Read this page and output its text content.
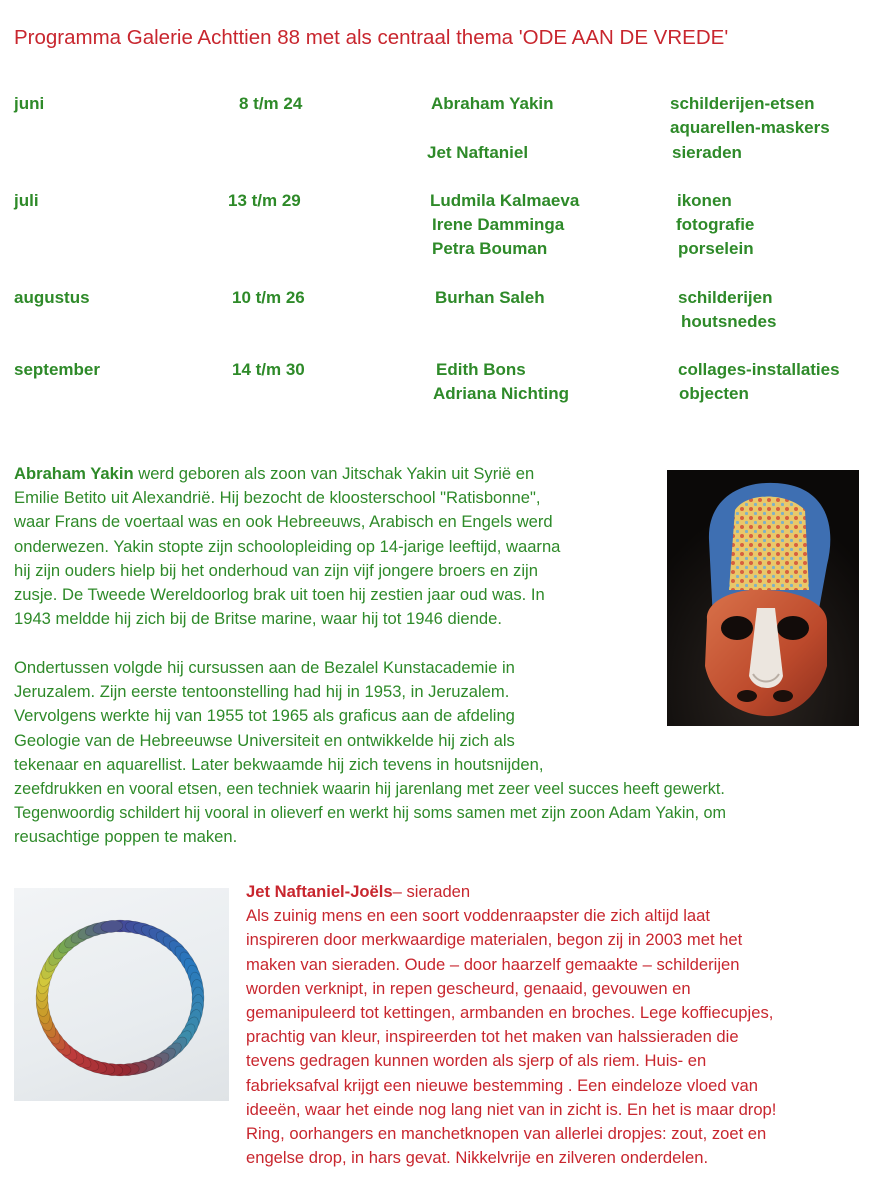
Programma Galerie Achttien 88 met als centraal thema 'ODE AAN DE VREDE'
juni	8 t/m 24	Abraham Yakin	schilderijen-etsen
aquarellen-maskers
Jet Naftaniel	sieraden
juli	13 t/m 29	Ludmila Kalmaeva	ikonen
Irene Damminga	fotografie
Petra Bouman	porselein
augustus	10 t/m 26	Burhan Saleh	schilderijen
houtsnedes
september	14 t/m 30	Edith Bons	collages-installaties
Adriana Nichting	objecten
Abraham Yakin werd geboren als zoon van Jitschak Yakin uit Syrië en
Emilie Betito uit Alexandrië. Hij bezocht de kloosterschool "Ratisbonne",
waar Frans de voertaal was en ook Hebreeuws, Arabisch en Engels werd
onderwezen. Yakin stopte zijn schoolopleiding op 14-jarige leeftijd, waarna
hij zijn ouders hielp bij het onderhoud van zijn vijf jongere broers en zijn
zusje. De Tweede Wereldoorlog brak uit toen hij zestien jaar oud was. In
1943 meldde hij zich bij de Britse marine, waar hij tot 1946 diende.
Ondertussen volgde hij cursussen aan de Bezalel Kunstacademie in
Jeruzalem. Zijn eerste tentoonstelling had hij in 1953, in Jeruzalem.
Vervolgens werkte hij van 1955 tot 1965 als graficus aan de afdeling
Geologie van de Hebreeuwse Universiteit en ontwikkelde hij zich als
tekenaar en aquarellist. Later bekwaamde hij zich tevens in houtsnijden,
zeefdrukken en vooral etsen, een techniek waarin hij jarenlang met zeer veel succes heeft gewerkt.
Tegenwoordig schildert hij vooral in olieverf en werkt hij soms samen met zijn zoon Adam Yakin, om
reusachtige poppen te maken.
Jet Naftaniel-Joëls– sieraden
Als zuinig mens en een soort voddenraapster die zich altijd laat
inspireren door merkwaardige materialen, begon zij in 2003 met het
maken van sieraden. Oude – door haarzelf gemaakte – schilderijen
worden verknipt, in repen gescheurd, genaaid, gevouwen en
gemanipuleerd tot kettingen, armbanden en broches. Lege koffiecupjes,
prachtig van kleur, inspireerden tot het maken van halssieraden die
tevens gedragen kunnen worden als sjerp of als riem. Huis- en
fabrieksafval krijgt een nieuwe bestemming . Een eindeloze vloed van
ideeën, waar het einde nog lang niet van in zicht is. En het is maar drop!
Ring, oorhangers en manchetknopen van allerlei dropjes: zout, zoet en
engelse drop, in hars gevat. Nikkelvrije en zilveren onderdelen.
